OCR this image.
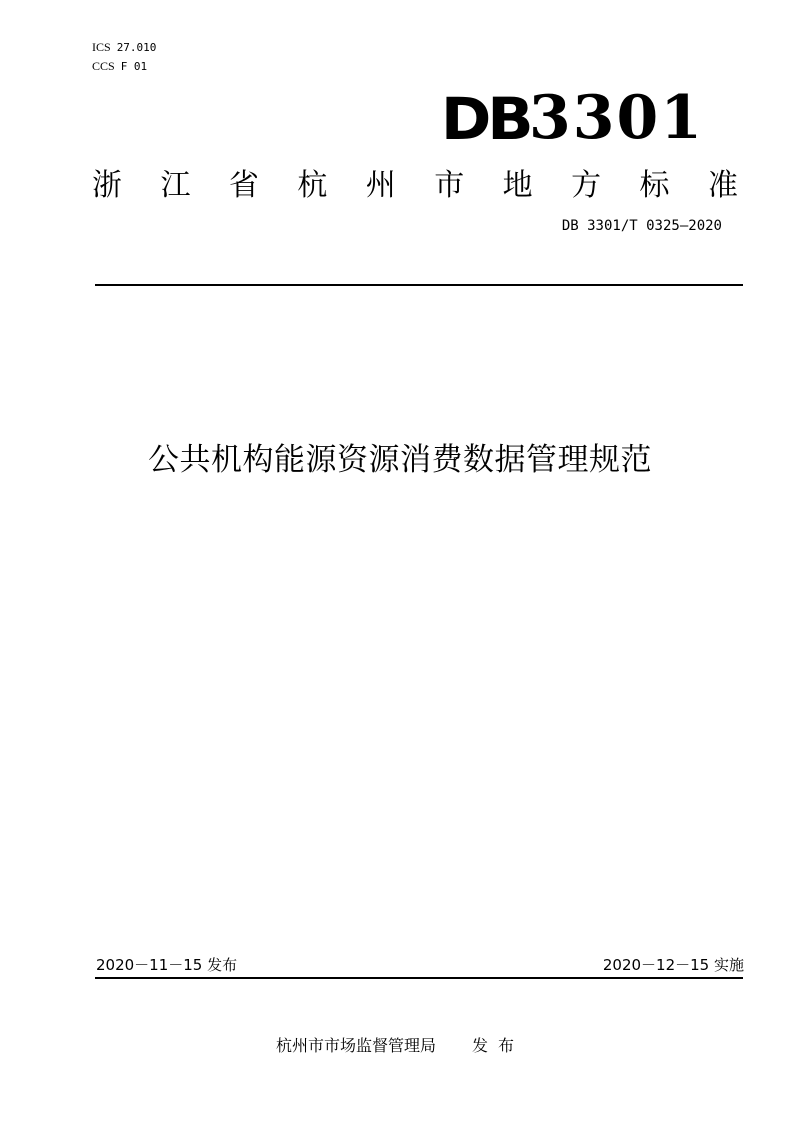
ICS 27.010
CCS F 01
DB 3301
浙 江 省 杭 州 市 地 方 标 准
DB 3301/T 0325—2020
公共机构能源资源消费数据管理规范
2020－11－15 发布	2020－12－15 实施
杭州市市场监督管理局 发布
